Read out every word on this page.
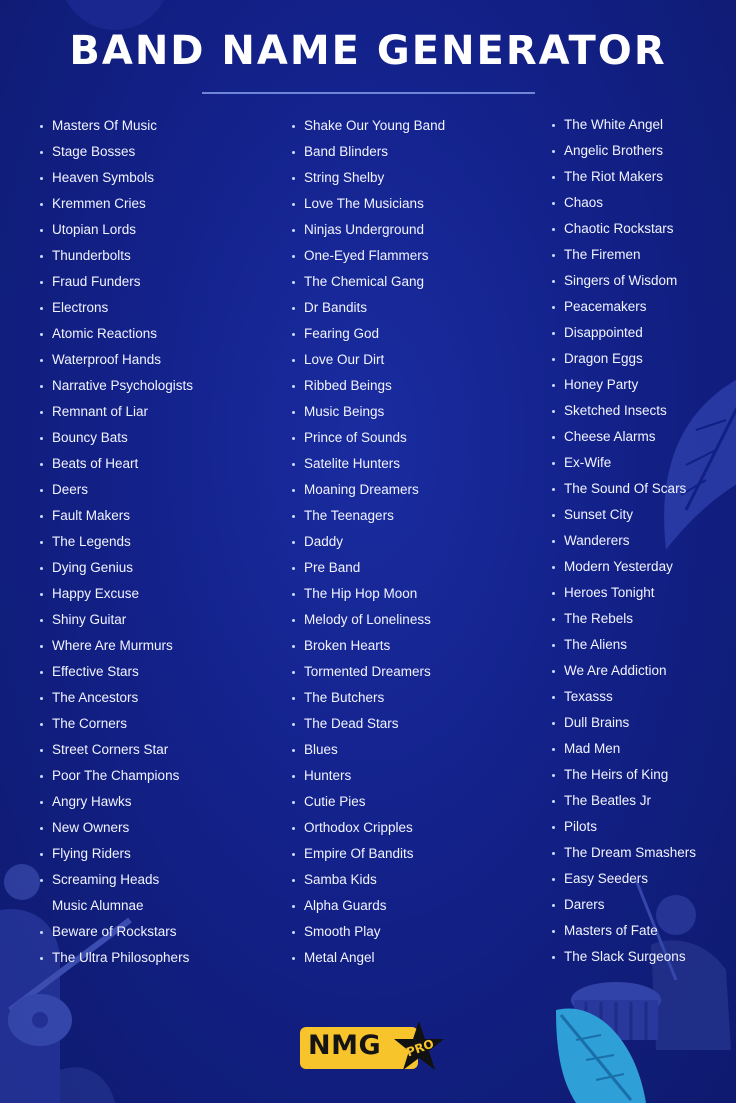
BAND NAME GENERATOR
Masters Of Music
Stage Bosses
Heaven Symbols
Kremmen Cries
Utopian Lords
Thunderbolts
Fraud Funders
Electrons
Atomic Reactions
Waterproof Hands
Narrative Psychologists
Remnant of Liar
Bouncy Bats
Beats of Heart
Deers
Fault Makers
The Legends
Dying Genius
Happy Excuse
Shiny Guitar
Where Are Murmurs
Effective Stars
The Ancestors
The Corners
Street Corners Star
Poor The Champions
Angry Hawks
New Owners
Flying Riders
Screaming Heads
Music Alumnae
Beware of Rockstars
The Ultra Philosophers
Shake Our Young Band
Band Blinders
String Shelby
Love The Musicians
Ninjas Underground
One-Eyed Flammers
The Chemical Gang
Dr Bandits
Fearing God
Love Our Dirt
Ribbed Beings
Music Beings
Prince of Sounds
Satelite Hunters
Moaning Dreamers
The Teenagers
Daddy
Pre Band
The Hip Hop Moon
Melody of Loneliness
Broken Hearts
Tormented Dreamers
The Butchers
The Dead Stars
Blues
Hunters
Cutie Pies
Orthodox Cripples
Empire Of Bandits
Samba Kids
Alpha Guards
Smooth Play
Metal Angel
The White Angel
Angelic Brothers
The Riot Makers
Chaos
Chaotic Rockstars
The Firemen
Singers of Wisdom
Peacemakers
Disappointed
Dragon Eggs
Honey Party
Sketched Insects
Cheese Alarms
Ex-Wife
The Sound Of Scars
Sunset City
Wanderers
Modern Yesterday
Heroes Tonight
The Rebels
The Aliens
We Are Addiction
Texasss
Dull Brains
Mad Men
The Heirs of King
The Beatles Jr
Pilots
The Dream Smashers
Easy Seeders
Darers
Masters of Fate
The Slack Surgeons
NMG PRO
